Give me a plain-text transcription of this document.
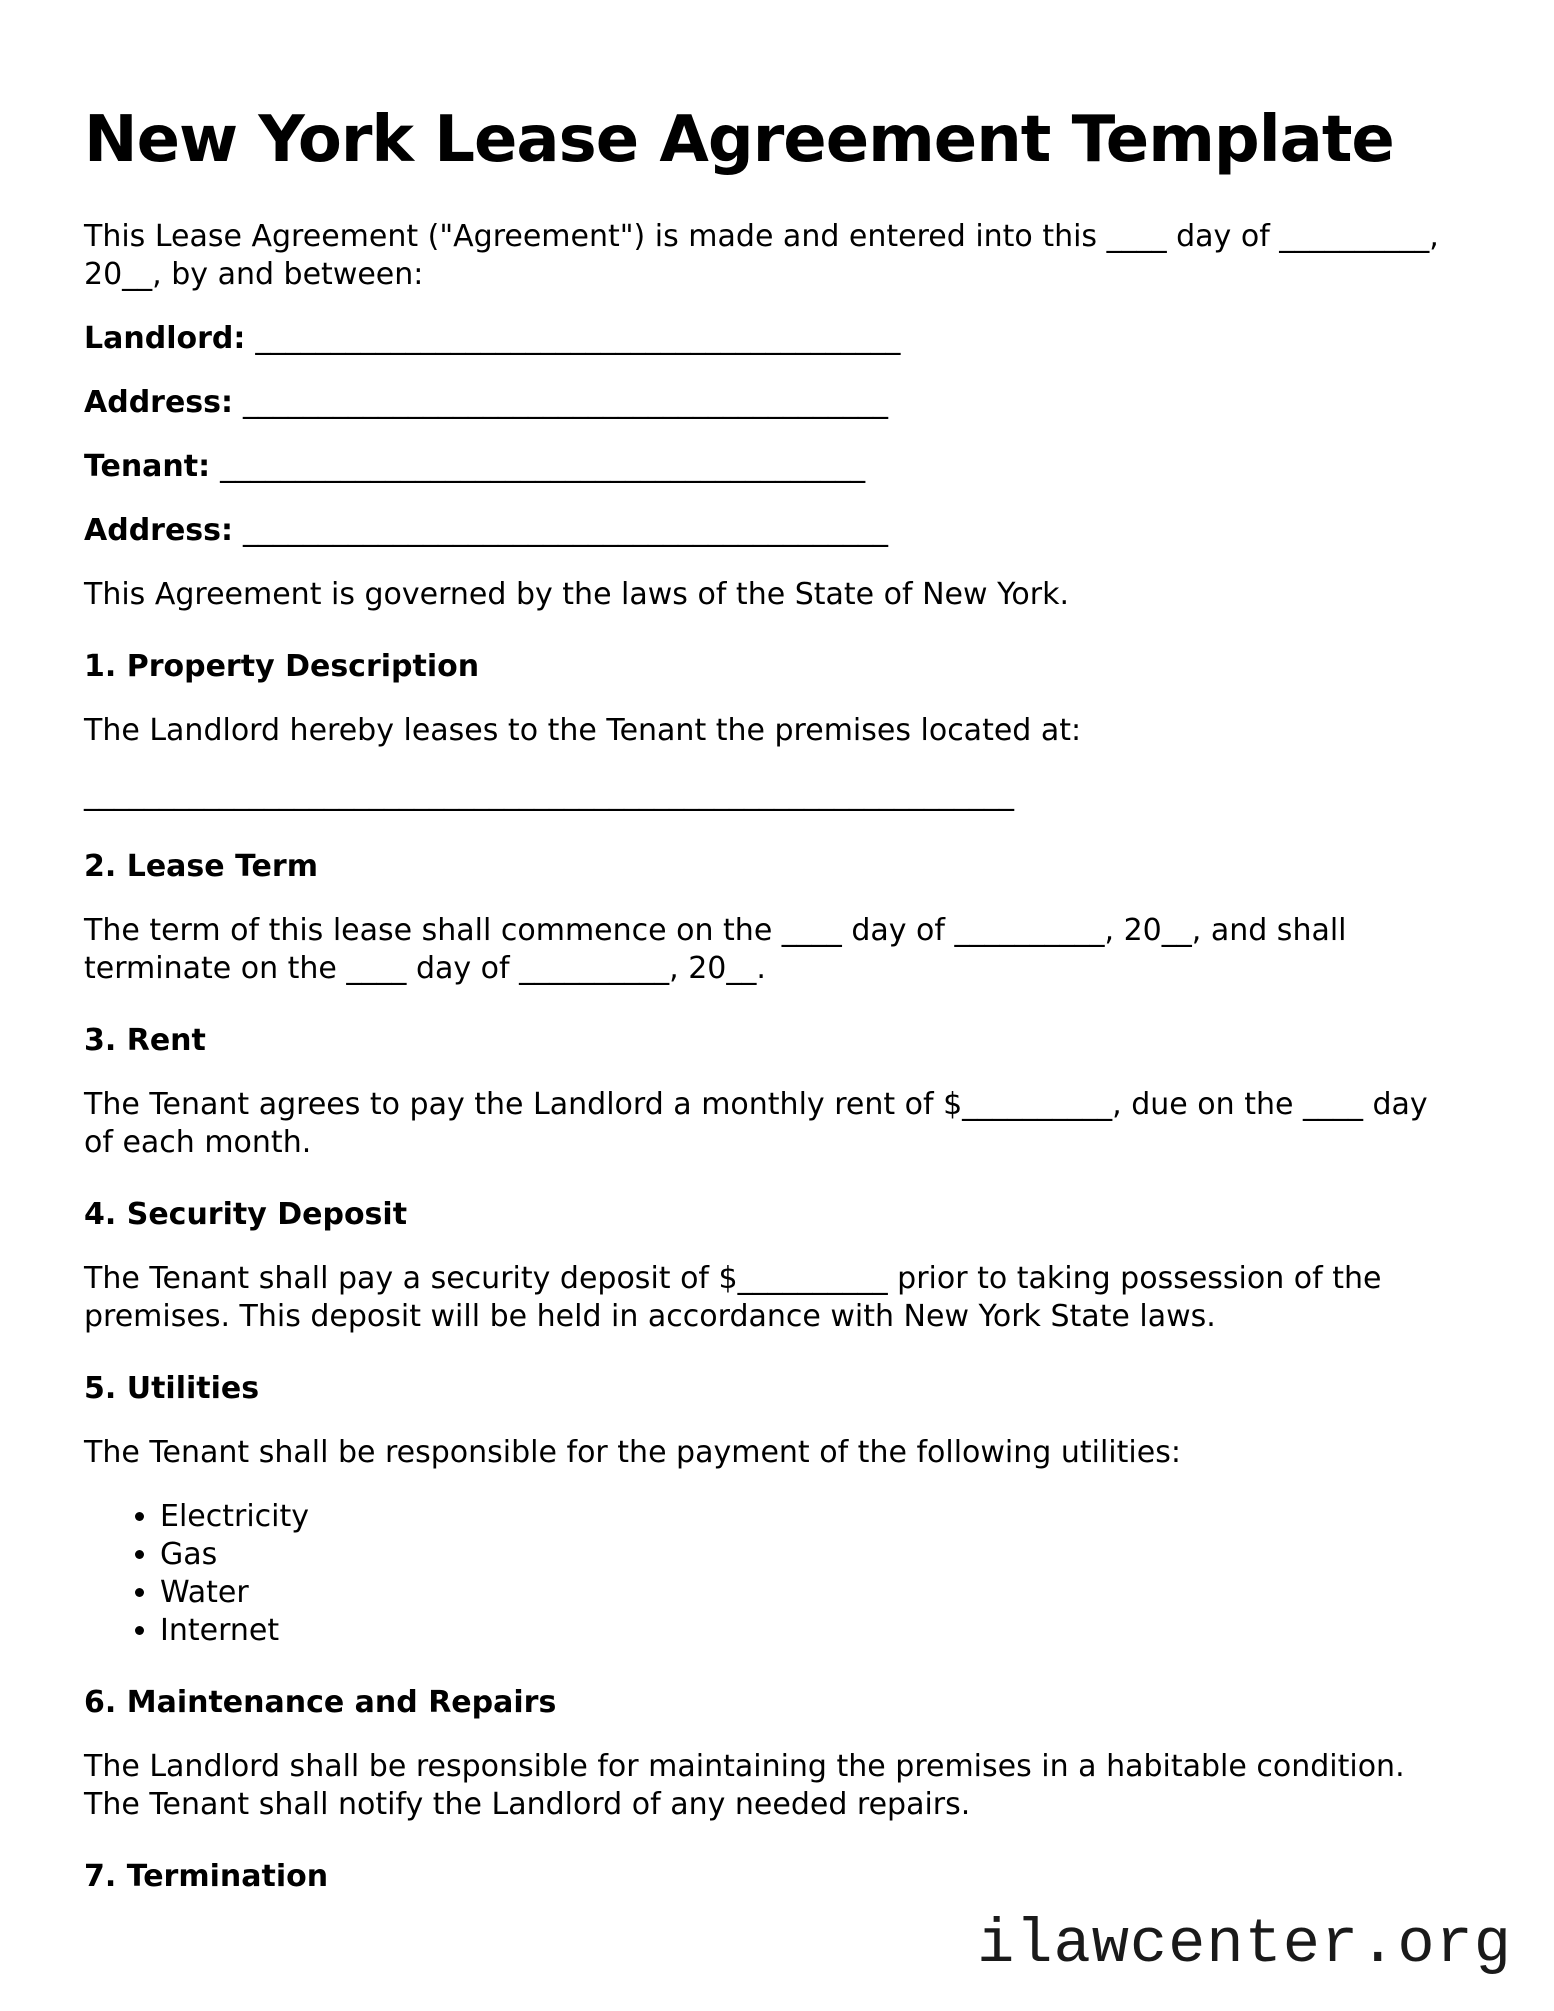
New York Lease Agreement Template

This Lease Agreement ("Agreement") is made and entered into this ____ day of __________,
20__, by and between:

Landlord: ___________________________________________

Address: ___________________________________________

Tenant: ___________________________________________

Address: ___________________________________________

This Agreement is governed by the laws of the State of New York.

1. Property Description

The Landlord hereby leases to the Tenant the premises located at:

______________________________________________________________

2. Lease Term

The term of this lease shall commence on the ____ day of __________, 20__, and shall
terminate on the ____ day of __________, 20__.

3. Rent

The Tenant agrees to pay the Landlord a monthly rent of $__________, due on the ____ day
of each month.

4. Security Deposit

The Tenant shall pay a security deposit of $__________ prior to taking possession of the
premises. This deposit will be held in accordance with New York State laws.

5. Utilities

The Tenant shall be responsible for the payment of the following utilities:

• Electricity
• Gas
• Water
• Internet
6. Maintenance and Repairs

The Landlord shall be responsible for maintaining the premises in a habitable condition.
The Tenant shall notify the Landlord of any needed repairs.

7. Termination
ilawcenter.org
